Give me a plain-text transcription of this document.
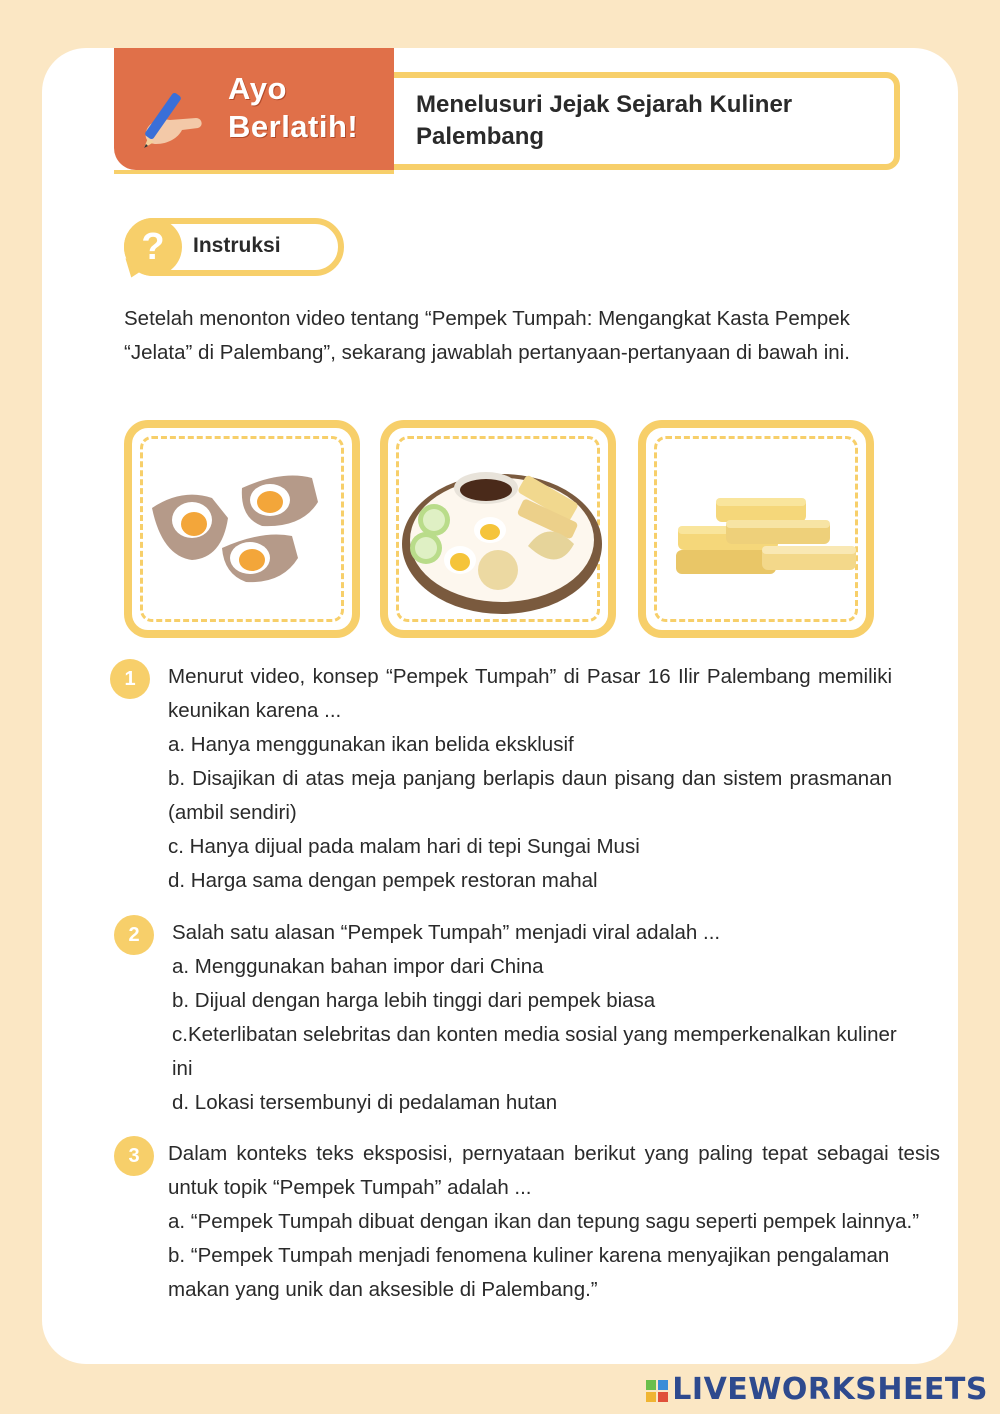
Ayo
Berlatih!
Menelusuri Jejak Sejarah Kuliner Palembang
?	Instruksi
Setelah menonton video tentang “Pempek Tumpah: Mengangkat Kasta Pempek “Jelata” di Palembang”, sekarang jawablah pertanyaan-pertanyaan di bawah ini.
1	Menurut video, konsep “Pempek Tumpah” di Pasar 16 Ilir Palembang memiliki keunikan karena ...

a. Hanya menggunakan ikan belida eksklusif

b. Disajikan di atas meja panjang berlapis daun pisang dan sistem prasmanan (ambil sendiri)

c. Hanya dijual pada malam hari di tepi Sungai Musi

d. Harga sama dengan pempek restoran mahal

2	Salah satu alasan “Pempek Tumpah” menjadi viral adalah ...

a. Menggunakan bahan impor dari China

b. Dijual dengan harga lebih tinggi dari pempek biasa

c.Keterlibatan selebritas dan konten media sosial yang memperkenalkan kuliner ini

d. Lokasi tersembunyi di pedalaman hutan

3	Dalam konteks teks eksposisi, pernyataan berikut yang paling tepat sebagai tesis untuk topik “Pempek Tumpah” adalah ...

a. “Pempek Tumpah dibuat dengan ikan dan tepung sagu seperti pempek lainnya.”

b. “Pempek Tumpah menjadi fenomena kuliner karena menyajikan pengalaman makan yang unik dan aksesible di Palembang.”

LIVEWORKSHEETS
